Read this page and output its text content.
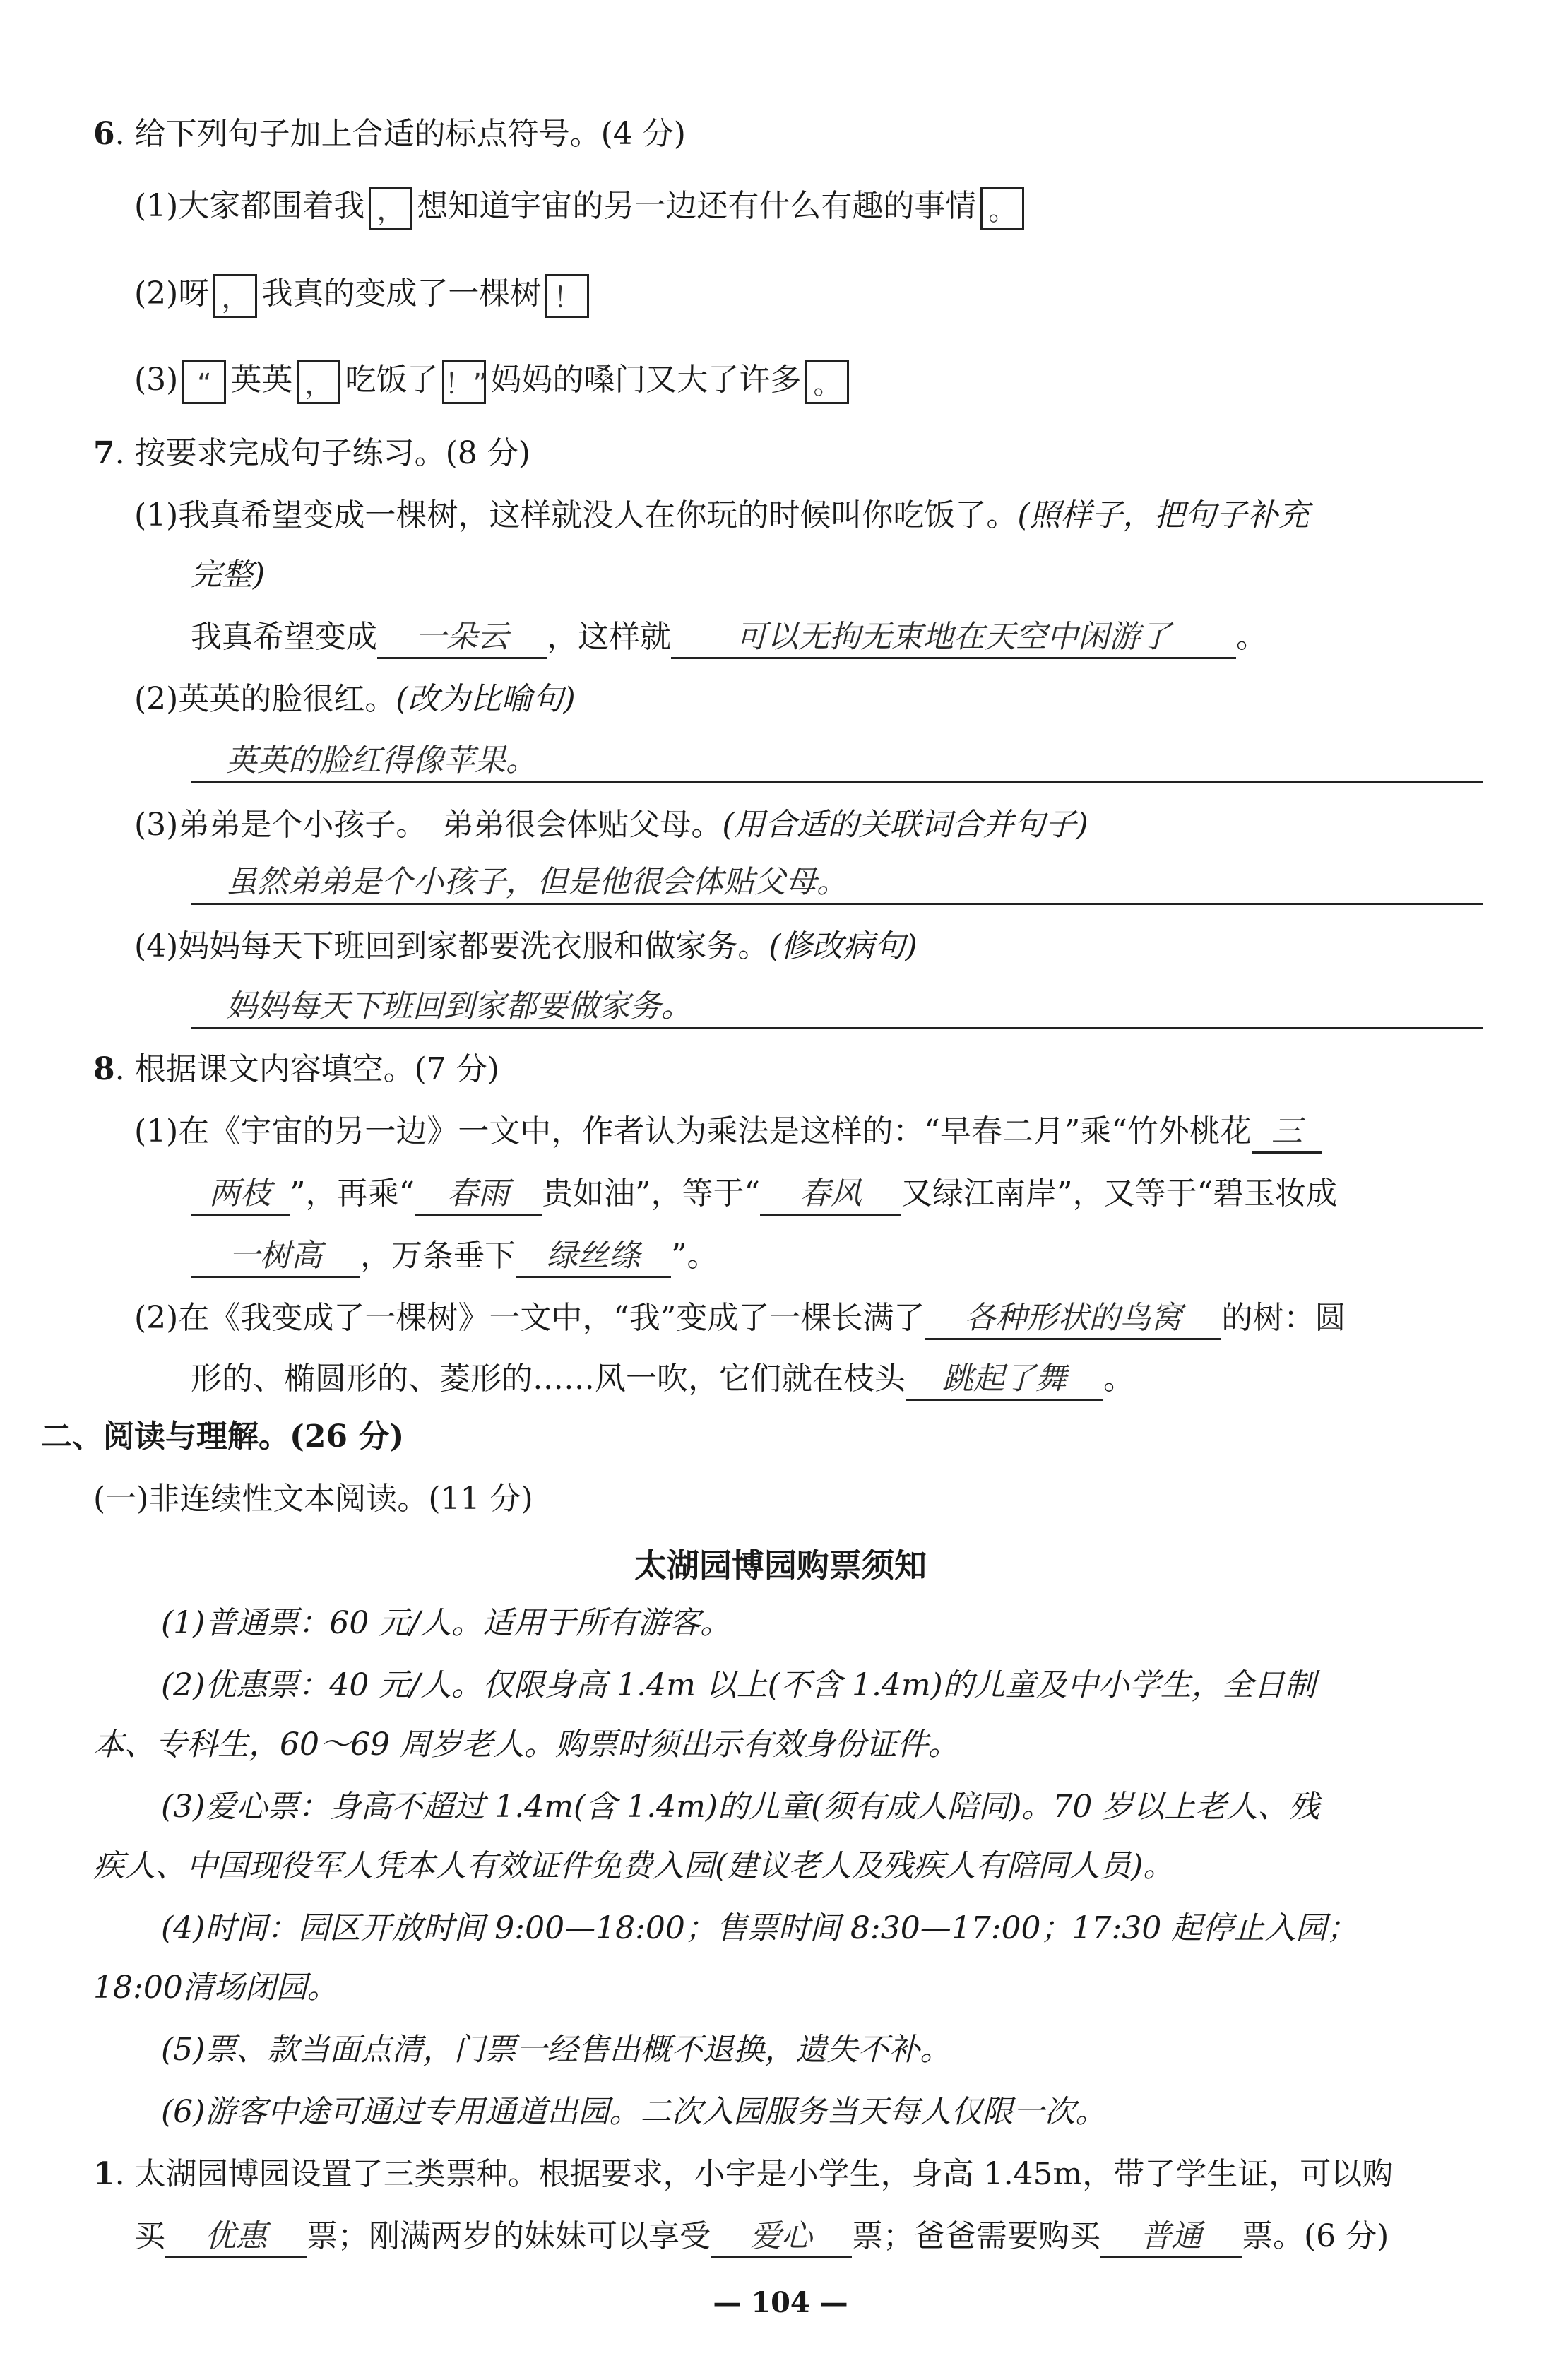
6. 给下列句子加上合适的标点符号。(4 分)
(1)大家都围着我 ， 想知道宇宙的另一边还有什么有趣的事情 。
(2)呀 ， 我真的变成了一棵树 ！
(3) “ 英英 ， 吃饭了 ！”妈妈的嗓门又大了许多 。
7. 按要求完成句子练习。(8 分)
(1)我真希望变成一棵树，这样就没人在你玩的时候叫你吃饭了。(照样子，把句子补充
完整)
我真希望变成 一朵云 ，这样就 可以无拘无束地在天空中闲游了 。
(2)英英的脸很红。(改为比喻句)
英英的脸红得像苹果。
(3)弟弟是个小孩子。　弟弟很会体贴父母。(用合适的关联词合并句子)
虽然弟弟是个小孩子，但是他很会体贴父母。
(4)妈妈每天下班回到家都要洗衣服和做家务。(修改病句)
妈妈每天下班回到家都要做家务。
8. 根据课文内容填空。(7 分)
(1)在《宇宙的另一边》一文中，作者认为乘法是这样的：“早春二月”乘“竹外桃花 三
两枝 ”，再乘“ 春雨 贵如油”，等于“ 春风 又绿江南岸”，又等于“碧玉妆成
一树高 ，万条垂下 绿丝绦 ”。
(2)在《我变成了一棵树》一文中，“我”变成了一棵长满了 各种形状的鸟窝 的树：圆
形的、椭圆形的、菱形的……风一吹，它们就在枝头 跳起了舞 。
二、阅读与理解。(26 分)
(一)非连续性文本阅读。(11 分)
太湖园博园购票须知
(1)普通票：60 元/人。适用于所有游客。
(2)优惠票：40 元/人。仅限身高 1.4m 以上(不含 1.4m)的儿童及中小学生，全日制
本、专科生，60～69 周岁老人。购票时须出示有效身份证件。
(3)爱心票：身高不超过 1.4m(含 1.4m)的儿童(须有成人陪同)。70 岁以上老人、残
疾人、中国现役军人凭本人有效证件免费入园(建议老人及残疾人有陪同人员)。
(4)时间：园区开放时间 9:00—18:00；售票时间 8:30—17:00；17:30 起停止入园；
18:00清场闭园。
(5)票、款当面点清，门票一经售出概不退换，遗失不补。
(6)游客中途可通过专用通道出园。二次入园服务当天每人仅限一次。
1. 太湖园博园设置了三类票种。根据要求，小宇是小学生，身高 1.45m，带了学生证，可以购
买 优惠 票；刚满两岁的妹妹可以享受 爱心 票；爸爸需要购买 普通 票。(6 分)
— 104 —
